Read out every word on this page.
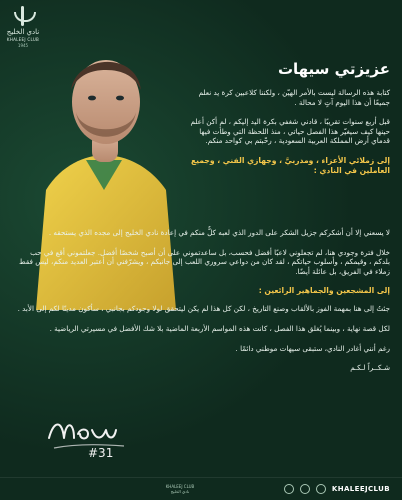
نادي الخليج
KHALEEJ CLUB
1945
عزيزتي سيهات
كتابة هذه الرسالة ليست بالأمر الهيّن ، ولكننا كلاعبين كرة يد نعلم جميعًا أن هذا اليوم آتٍ لا محالة .
قبل أربع سنوات تقريبًا ، قادني شغفي بكرة اليد إليكم ، لم أكن أعلم حينها كيف سيغيّر هذا الفصل حياتي ، منذ اللحظة التي وطأت فيها قدماي أرض المملكة العربية السعودية ، رحّبتم بي كواحد منكم.
إلى زملائي الأعزاء ، ومدربيَّ ، وجهازي الفني ، وجميع العاملين في النادي :
لا يسعني إلا أن أشكركم جزيل الشكر على الدور الذي لعبه كلٌّ منكم في إعادة نادي الخليج إلى مجده الذي يستحقه .
خلال فترة وجودي هنا، لم تجعلوني لاعبًا أفضل فحسب، بل ساعدتموني على أن أصبح شخصًا أفضل. جعلتموني أقع في حب بلدكم ، وقيمكم ، وأسلوب حياتكم ، لقد كان من دواعي سروري اللعب إلى جانبكم ، ويشرّفني أن أعتبر العديد منكم، ليس فقط زملاء في الفريق، بل عائلة أيضًا.
إلى المشجعين والجماهير الرائعين :
جئتُ إلى هنا بمهمة الفوز بالألقاب وصنع التاريخ ، لكن كل هذا لم يكن ليتحقق لولا وجودكم بجانبي ، سأكون مدينًا لكم إلى الأبد .
لكل قصة نهاية ، وبينما يُغلق هذا الفصل ، كانت هذه المواسم الأربعة الماضية بلا شك الأفضل في مسيرتي الرياضية .
رغم أنني أغادر النادي، ستبقى سيهات موطني دائمًا .
شـكــراً لـكـم
#31
KHALEEJ CLUB
نادي الخليج	KHALEEJCLUB
